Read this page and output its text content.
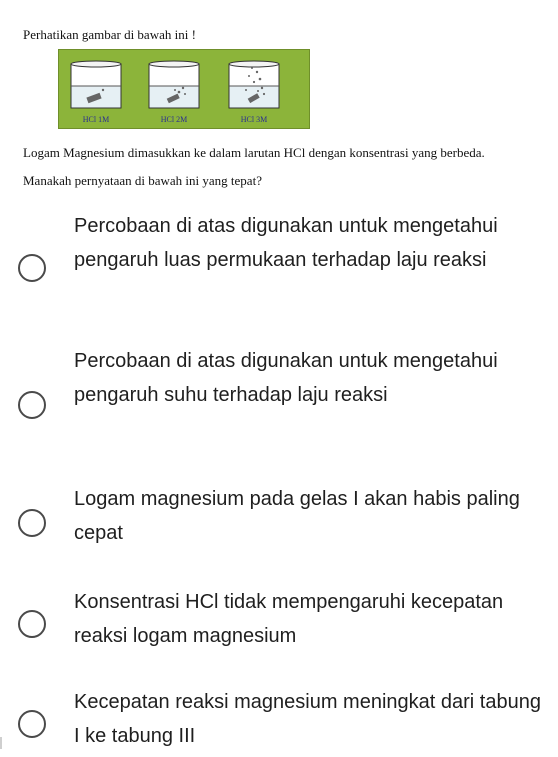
Perhatikan gambar di bawah ini !

HCl 1M	HCl 2M	HCl 3M

Logam Magnesium dimasukkan ke dalam larutan HCl dengan konsentrasi yang berbeda.

Manakah pernyataan di bawah ini yang tepat?

Percobaan di atas digunakan untuk mengetahui pengaruh luas permukaan terhadap laju reaksi
Percobaan di atas digunakan untuk mengetahui pengaruh suhu terhadap laju reaksi
Logam magnesium pada gelas I akan habis paling cepat
Konsentrasi HCl tidak mempengaruhi kecepatan reaksi logam magnesium
Kecepatan reaksi magnesium meningkat dari tabung I ke tabung III
